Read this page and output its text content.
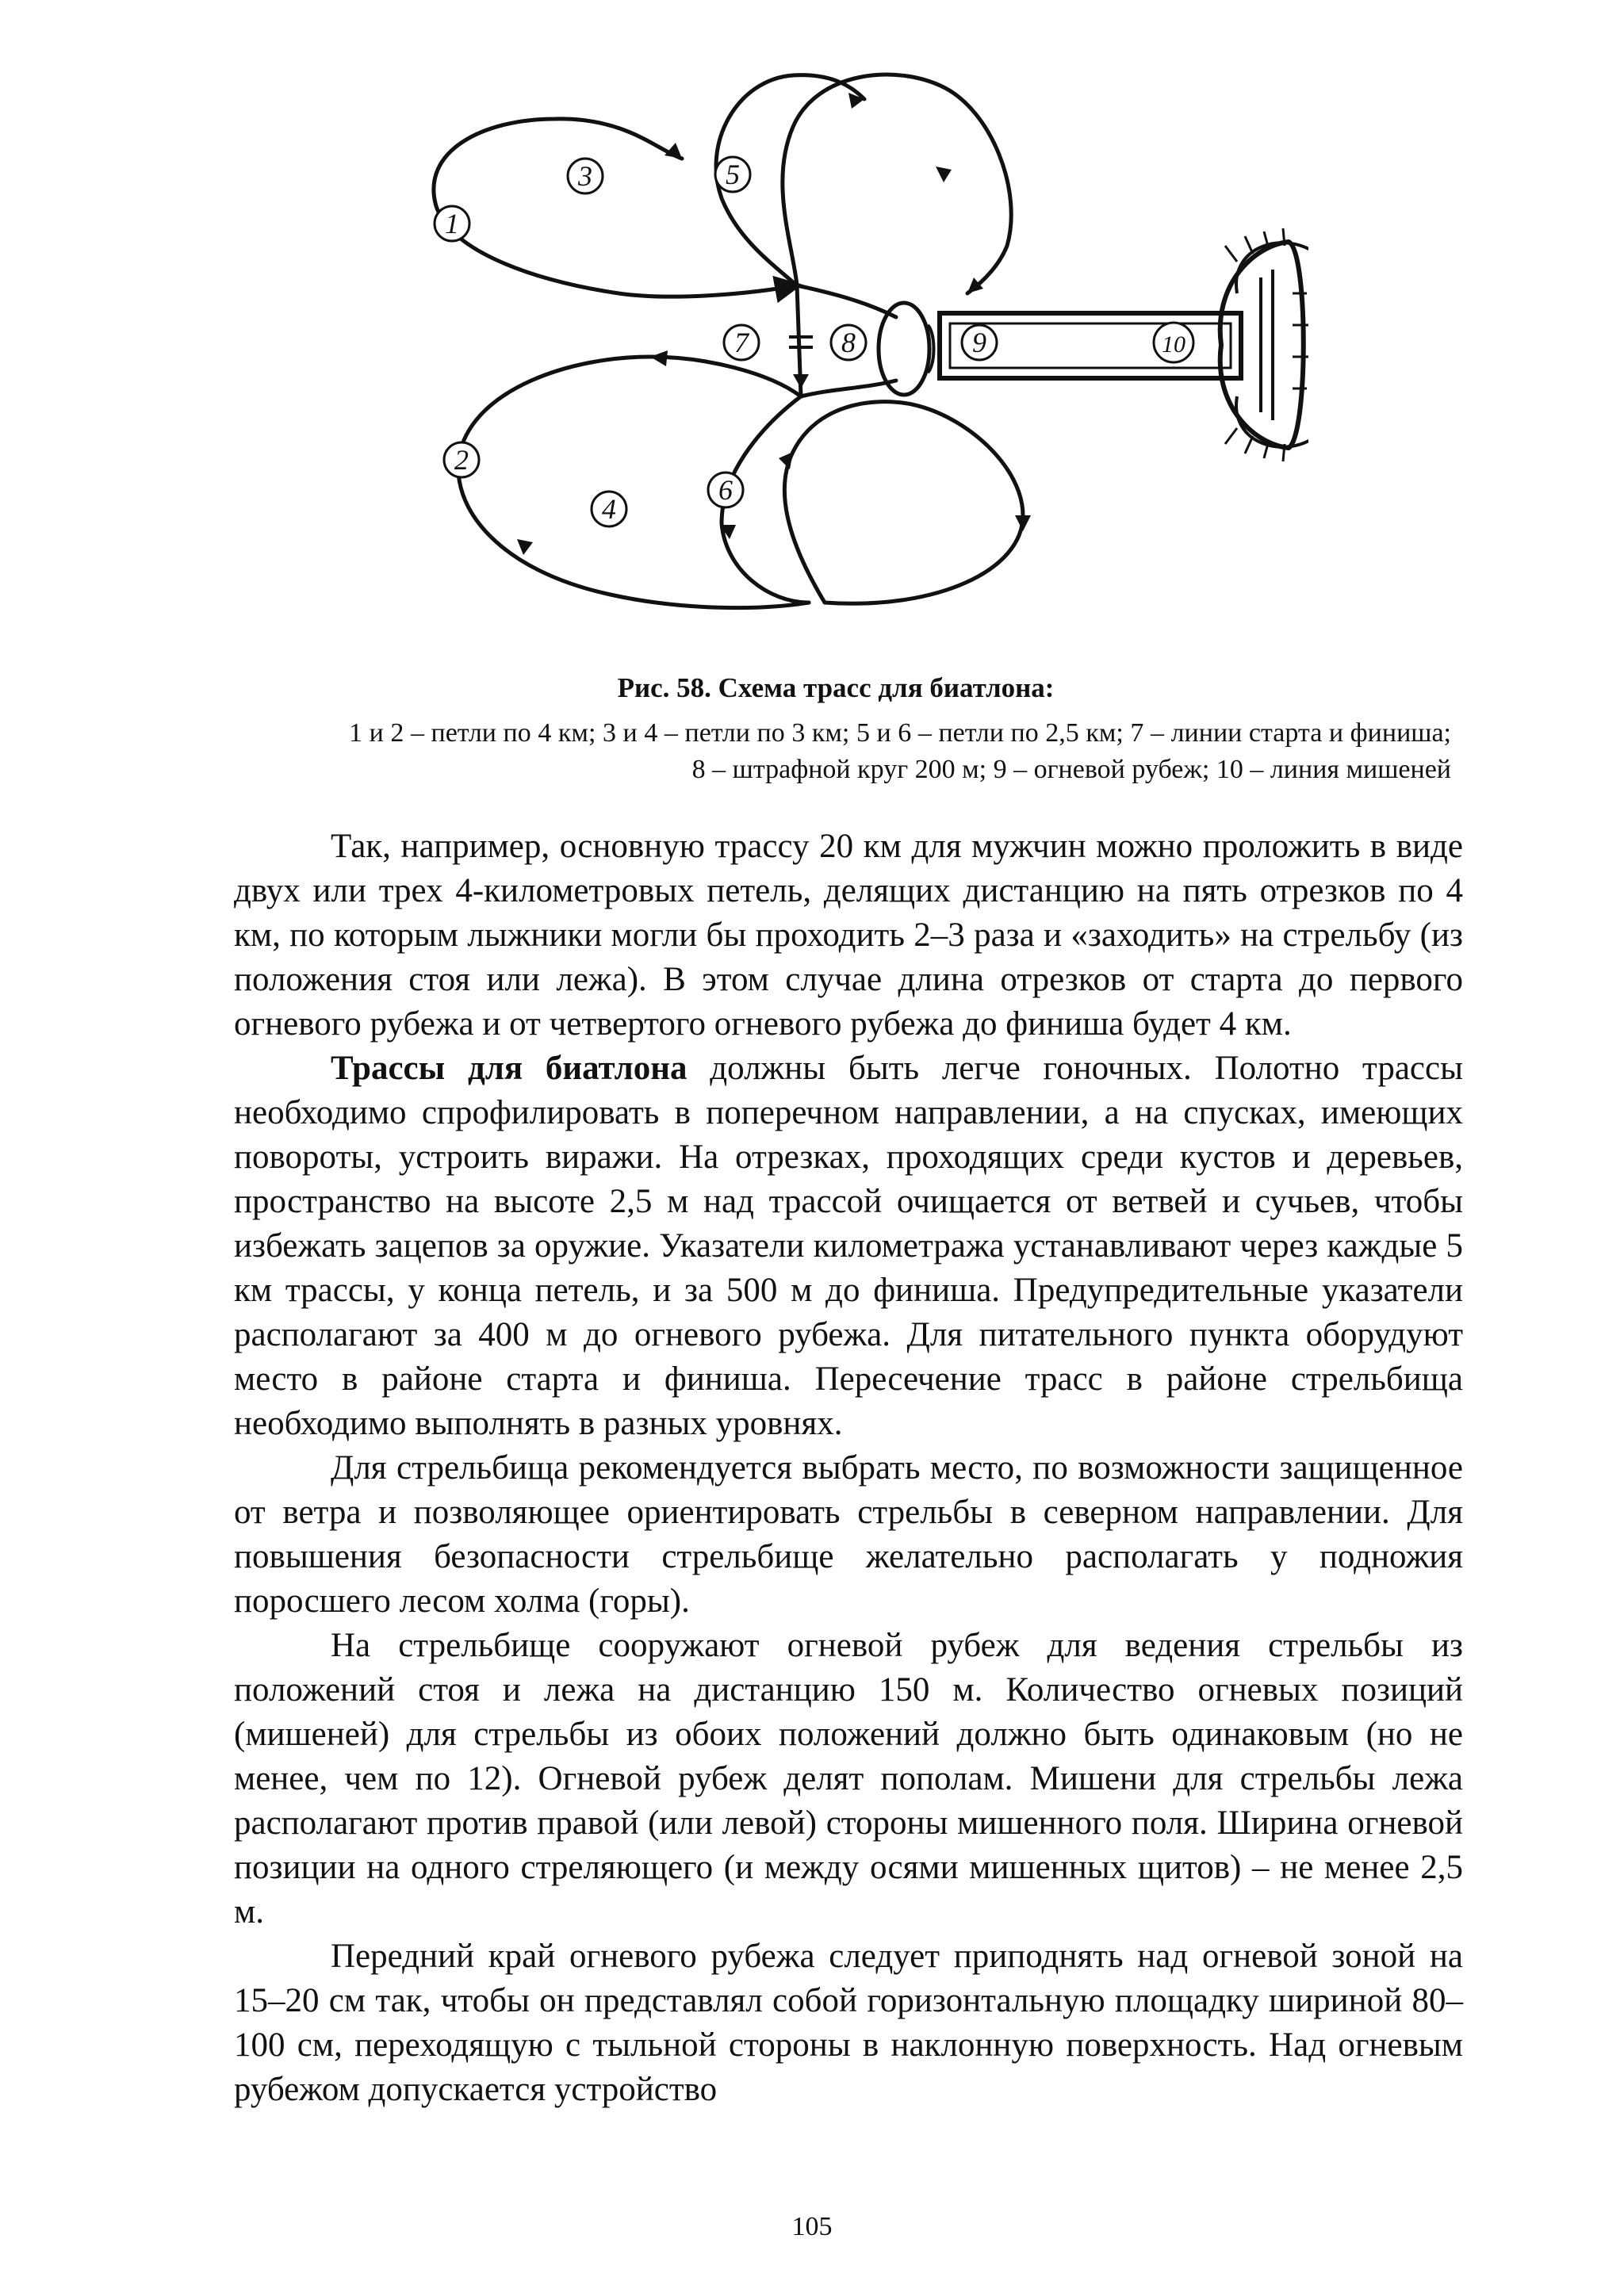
1
3	5
7	8	9	10
2
4
6
Рис. 58. Схема трасс для биатлона:
1 и 2 – петли по 4 км; 3 и 4 – петли по 3 км; 5 и 6 – петли по 2,5 км; 7 – линии старта и финиша; 8 – штрафной круг 200 м; 9 – огневой рубеж; 10 – линия мишеней

Так, например, основную трассу 20 км для мужчин можно проложить в виде двух или трех 4-километровых петель, делящих дистанцию на пять отрезков по 4 км, по которым лыжники могли бы проходить 2–3 раза и «заходить» на стрельбу (из положения стоя или лежа). В этом случае длина отрезков от старта до первого огневого рубежа и от четвертого огневого рубежа до финиша будет 4 км.

Трассы для биатлона должны быть легче гоночных. Полотно трассы необходимо спрофилировать в поперечном направлении, а на спусках, имеющих повороты, устроить виражи. На отрезках, проходящих среди кустов и деревьев, пространство на высоте 2,5 м над трассой очищается от ветвей и сучьев, чтобы избежать зацепов за оружие. Указатели километража устанавливают через каждые 5 км трассы, у конца петель, и за 500 м до финиша. Предупредительные указатели располагают за 400 м до огневого рубежа. Для питательного пункта оборудуют место в районе старта и финиша. Пересечение трасс в районе стрельбища необходимо выполнять в разных уровнях.

Для стрельбища рекомендуется выбрать место, по возможности защищенное от ветра и позволяющее ориентировать стрельбы в северном направлении. Для повышения безопасности стрельбище желательно располагать у подножия поросшего лесом холма (горы).

На стрельбище сооружают огневой рубеж для ведения стрельбы из положений стоя и лежа на дистанцию 150 м. Количество огневых позиций (мишеней) для стрельбы из обоих положений должно быть одинаковым (но не менее, чем по 12). Огневой рубеж делят пополам. Мишени для стрельбы лежа располагают против правой (или левой) стороны мишенного поля. Ширина огневой позиции на одного стреляющего (и между осями мишенных щитов) – не менее 2,5 м.

Передний край огневого рубежа следует приподнять над огневой зоной на 15–20 см так, чтобы он представлял собой горизонтальную площадку шириной 80–100 см, переходящую с тыльной стороны в наклонную поверхность. Над огневым рубежом допускается устройство

105
